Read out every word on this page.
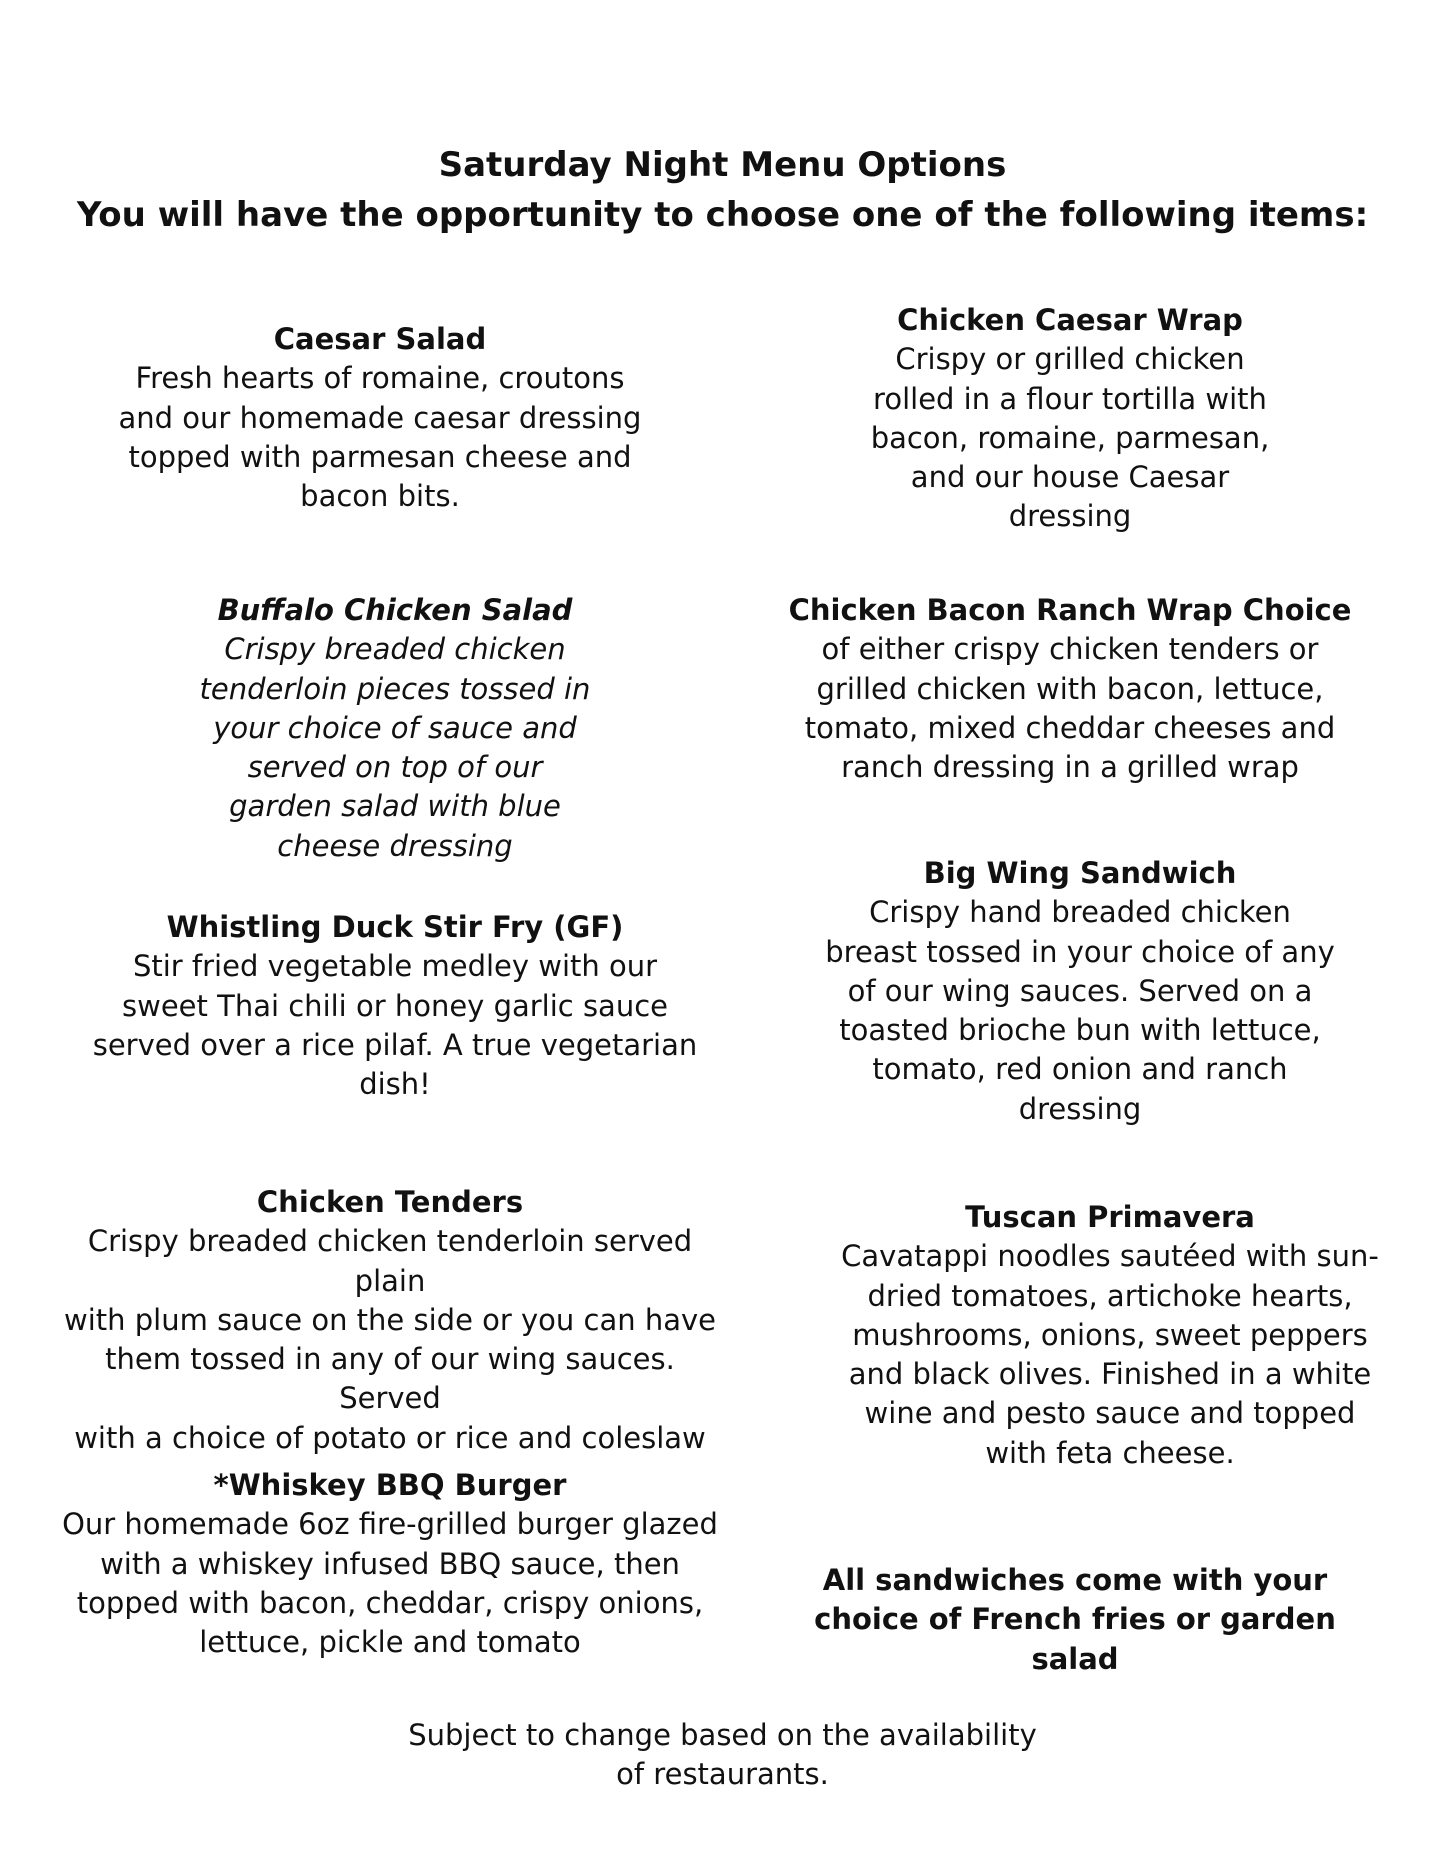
Saturday Night Menu Options
You will have the opportunity to choose one of the following items:

Caesar Salad

Fresh hearts of romaine, croutons
and our homemade caesar dressing
topped with parmesan cheese and
bacon bits.

Buffalo Chicken Salad

Crispy breaded chicken
tenderloin pieces tossed in
your choice of sauce and
served on top of our
garden salad with blue
cheese dressing

Whistling Duck Stir Fry (GF)

Stir fried vegetable medley with our
sweet Thai chili or honey garlic sauce
served over a rice pilaf. A true vegetarian
dish!

Chicken Tenders

Crispy breaded chicken tenderloin served plain
with plum sauce on the side or you can have
them tossed in any of our wing sauces. Served
with a choice of potato or rice and coleslaw

*Whiskey BBQ Burger

Our homemade 6oz fire-grilled burger glazed
with a whiskey infused BBQ sauce, then
topped with bacon, cheddar, crispy onions,
lettuce, pickle and tomato

Chicken Caesar Wrap

Crispy or grilled chicken
rolled in a flour tortilla with
bacon, romaine, parmesan,
and our house Caesar
dressing

Chicken Bacon Ranch Wrap Choice

of either crispy chicken tenders or
grilled chicken with bacon, lettuce,
tomato, mixed cheddar cheeses and
ranch dressing in a grilled wrap

Big Wing Sandwich

Crispy hand breaded chicken
breast tossed in your choice of any
of our wing sauces. Served on a
toasted brioche bun with lettuce,
tomato, red onion and ranch
dressing

Tuscan Primavera

Cavatappi noodles sautéed with sun-
dried tomatoes, artichoke hearts,
mushrooms, onions, sweet peppers
and black olives. Finished in a white
wine and pesto sauce and topped
with feta cheese.

All sandwiches come with your
choice of French fries or garden
salad

Subject to change based on the availability
of restaurants.
